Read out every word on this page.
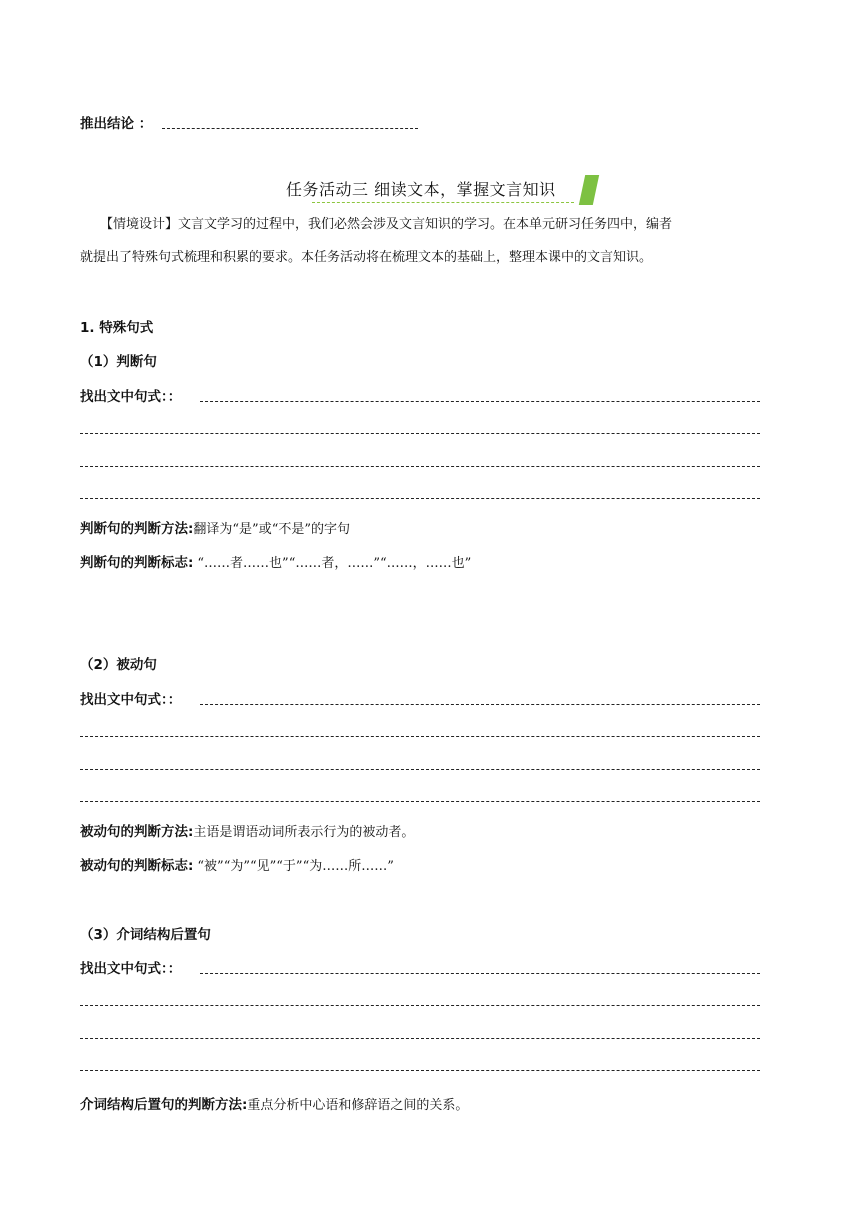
推出结论 ：
任务活动三 细读文本，掌握文言知识
【情境设计】文言文学习的过程中，我们必然会涉及文言知识的学习。在本单元研习任务四中，编者
就提出了特殊句式梳理和积累的要求。本任务活动将在梳理文本的基础上，整理本课中的文言知识。
1. 特殊句式
（1）判断句
找出文中句式：：
判断句的判断方法:翻译为“是”或“不是”的字句
判断句的判断标志: “……者……也”“……者，……”“……，……也”
（2）被动句
找出文中句式：：
被动句的判断方法:主语是谓语动词所表示行为的被动者。
被动句的判断标志: “被”“为”“见”“于”“为……所……”
（3）介词结构后置句
找出文中句式：：
介词结构后置句的判断方法:重点分析中心语和修辞语之间的关系。
